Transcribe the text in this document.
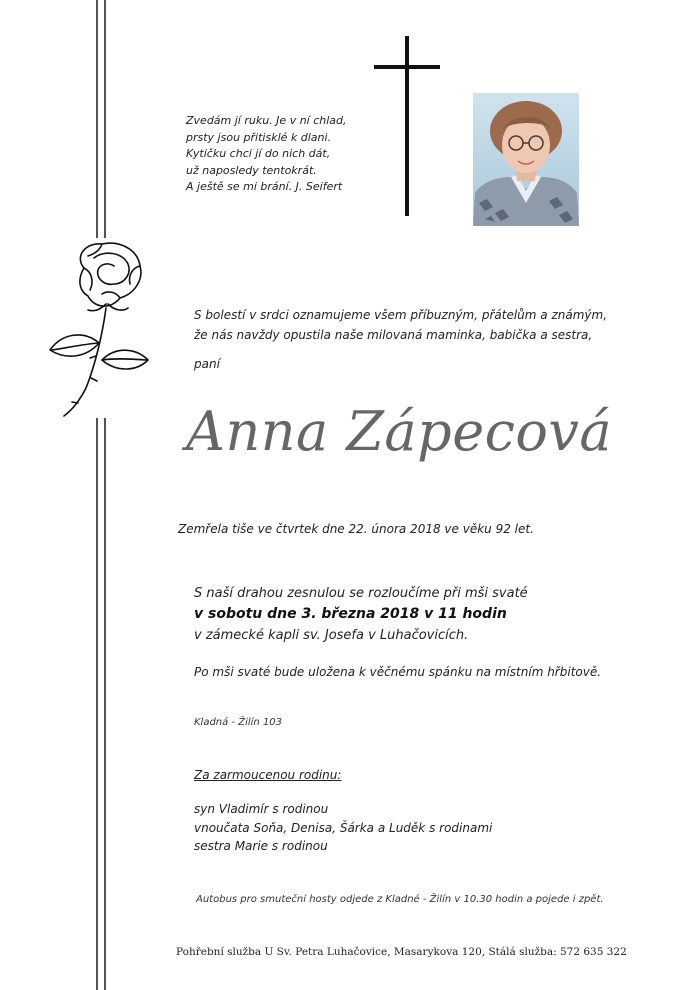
Zvedám jí ruku. Je v ní chlad,
prsty jsou přitisklé k dlani.
Kytičku chci jí do nich dát,
už naposledy tentokrát.
A ještě se mi brání. J. Seifert
S bolestí v srdci oznamujeme všem příbuzným, přátelům a známým,
že nás navždy opustila naše milovaná maminka, babička a sestra,
paní
Anna Zápecová
Zemřela tiše ve čtvrtek dne 22. února 2018 ve věku 92 let.
S naší drahou zesnulou se rozloučíme při mši svaté
v sobotu dne 3. března 2018 v 11 hodin
v zámecké kapli sv. Josefa v Luhačovicích.
Po mši svaté bude uložena k věčnému spánku na místním hřbitově.
Kladná - Žilín 103
Za zarmoucenou rodinu:
syn Vladimír s rodinou
vnoučata Soňa, Denisa, Šárka a Luděk s rodinami
sestra Marie s rodinou
Autobus pro smuteční hosty odjede z Kladné - Žilín v 10.30 hodin a pojede i zpět.
Pohřební služba U Sv. Petra Luhačovice, Masarykova 120, Stálá služba: 572 635 322
